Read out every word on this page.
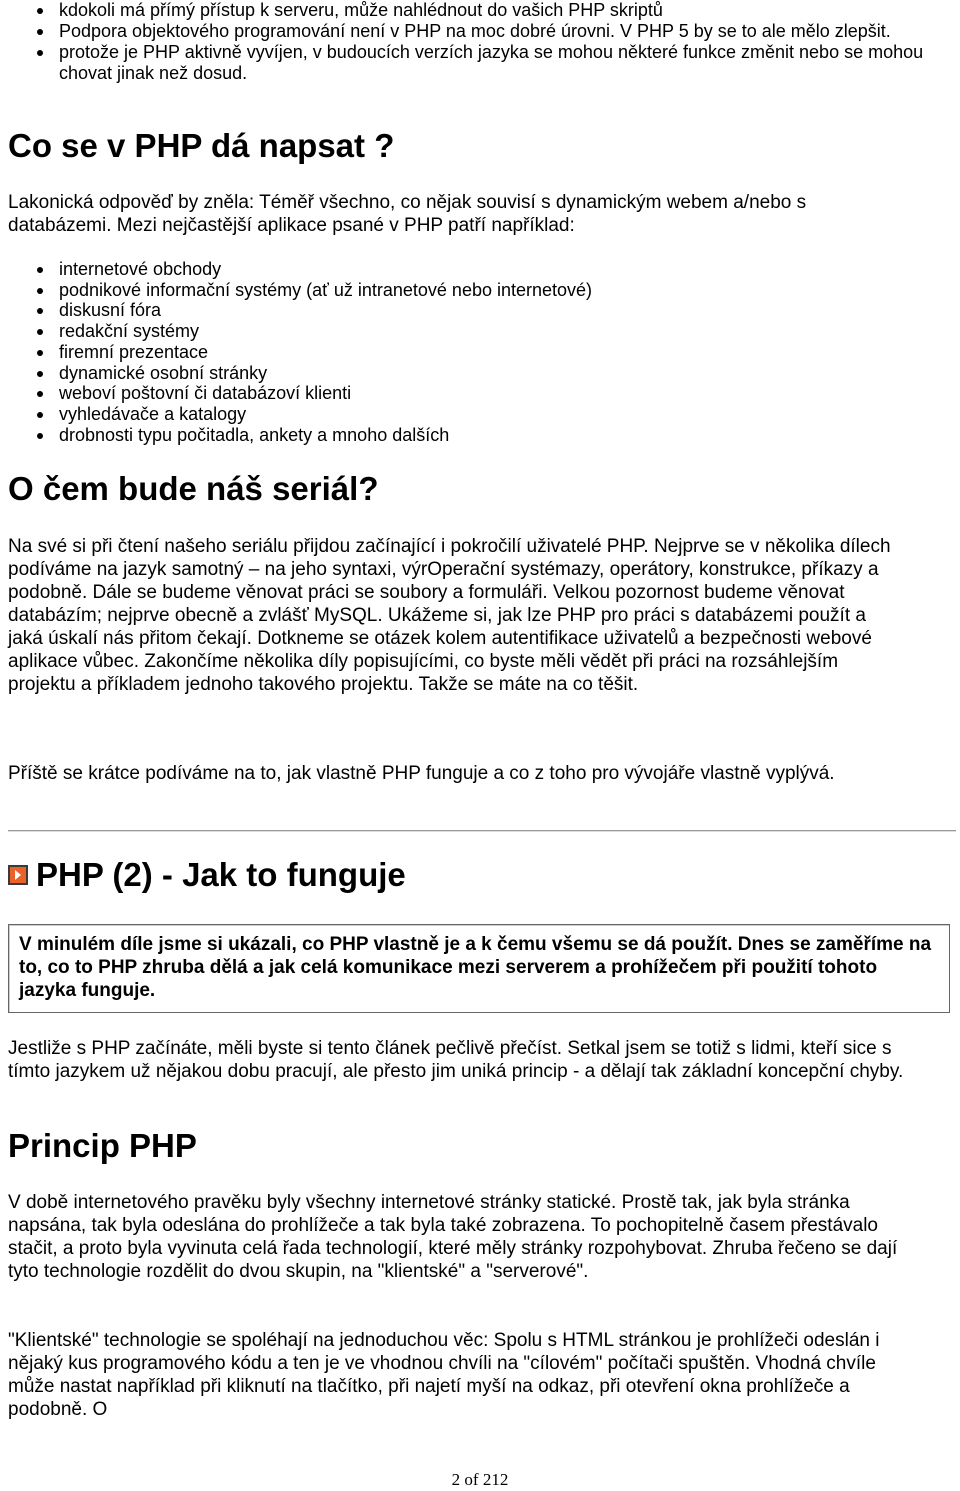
kdokoli má přímý přístup k serveru, může nahlédnout do vašich PHP skriptů
Podpora objektového programování není v PHP na moc dobré úrovni. V PHP 5 by se to ale mělo zlepšit.
protože je PHP aktivně vyvíjen, v budoucích verzích jazyka se mohou některé funkce změnit nebo se mohou chovat jinak než dosud.
Co se v PHP dá napsat ?

Lakonická odpověď by zněla: Téměř všechno, co nějak souvisí s dynamickým webem a/nebo s databázemi. Mezi nejčastější aplikace psané v PHP patří například:

internetové obchody
podnikové informační systémy (ať už intranetové nebo internetové)
diskusní fóra
redakční systémy
firemní prezentace
dynamické osobní stránky
weboví poštovní či databázoví klienti
vyhledávače a katalogy
drobnosti typu počitadla, ankety a mnoho dalších
O čem bude náš seriál?

Na své si při čtení našeho seriálu přijdou začínající i pokročilí uživatelé PHP. Nejprve se v několika dílech podíváme na jazyk samotný – na jeho syntaxi, výrOperační systémazy, operátory, konstrukce, příkazy a podobně. Dále se budeme věnovat práci se soubory a formuláři. Velkou pozornost budeme věnovat databázím; nejprve obecně a zvlášť MySQL. Ukážeme si, jak lze PHP pro práci s databázemi použít a jaká úskalí nás přitom čekají. Dotkneme se otázek kolem autentifikace uživatelů a bezpečnosti webové aplikace vůbec. Zakončíme několika díly popisujícími, co byste měli vědět při práci na rozsáhlejším projektu a příkladem jednoho takového projektu. Takže se máte na co těšit.

Příště se krátce podíváme na to, jak vlastně PHP funguje a co z toho pro vývojáře vlastně vyplývá.

PHP (2) - Jak to funguje
V minulém díle jsme si ukázali, co PHP vlastně je a k čemu všemu se dá použít. Dnes se zaměříme na to, co to PHP zhruba dělá a jak celá komunikace mezi serverem a prohížečem při použití tohoto jazyka funguje.

Jestliže s PHP začínáte, měli byste si tento článek pečlivě přečíst. Setkal jsem se totiž s lidmi, kteří sice s tímto jazykem už nějakou dobu pracují, ale přesto jim uniká princip - a dělají tak základní koncepční chyby.

Princip PHP

V době internetového pravěku byly všechny internetové stránky statické. Prostě tak, jak byla stránka napsána, tak byla odeslána do prohlížeče a tak byla také zobrazena. To pochopitelně časem přestávalo stačit, a proto byla vyvinuta celá řada technologií, které měly stránky rozpohybovat. Zhruba řečeno se dají tyto technologie rozdělit do dvou skupin, na "klientské" a "serverové".

"Klientské" technologie se spoléhají na jednoduchou věc: Spolu s HTML stránkou je prohlížeči odeslán i nějaký kus programového kódu a ten je ve vhodnou chvíli na "cílovém" počítači spuštěn. Vhodná chvíle může nastat například při kliknutí na tlačítko, při najetí myší na odkaz, při otevření okna prohlížeče a podobně. O

2 of 212
